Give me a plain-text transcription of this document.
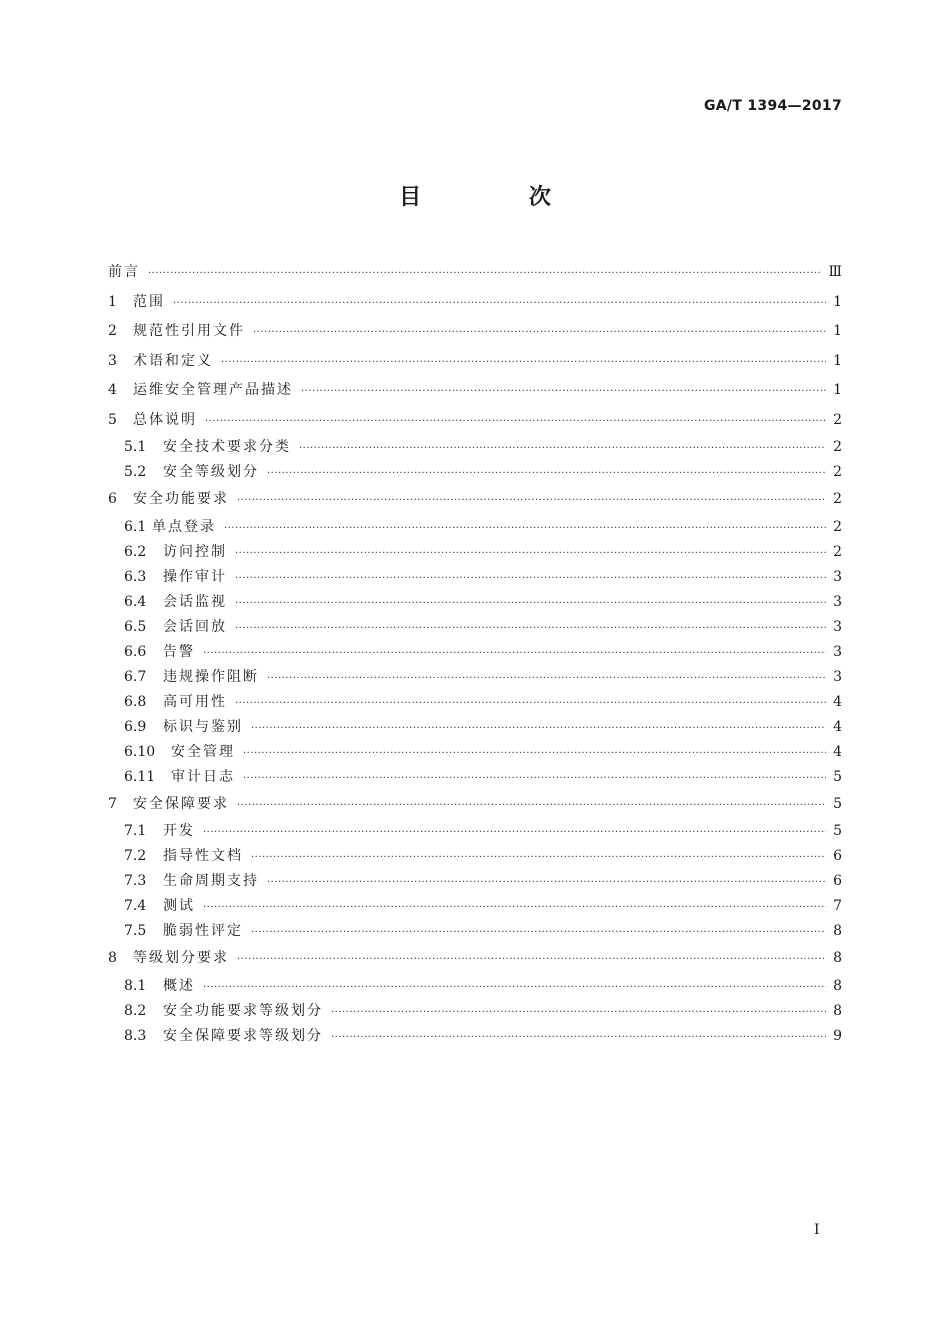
GA/T 1394—2017
目 次
前言 ·····	Ⅲ
1	范围 ·····	1
2	规范性引用文件 ·····	1
3	术语和定义 ·····	1
4	运维安全管理产品描述 ·····	1
5	总体说明 ·····	2
5.1	安全技术要求分类 ·····	2
5.2	安全等级划分 ·····	2
6	安全功能要求 ·····	2
6.1 单点登录 ·····	2
6.2	访问控制 ·····	2
6.3	操作审计 ·····	3
6.4	会话监视 ·····	3
6.5	会话回放 ·····	3
6.6	告警 ·····	3
6.7	违规操作阻断 ·····	3
6.8	高可用性 ·····	4
6.9	标识与鉴别 ·····	4
6.10	安全管理 ·····	4
6.11	审计日志 ·····	5
7	安全保障要求 ·····	5
7.1	开发 ·····	5
7.2	指导性文档 ·····	6
7.3	生命周期支持 ·····	6
7.4	测试 ·····	7
7.5	脆弱性评定 ·····	8
8	等级划分要求 ·····	8
8.1	概述 ·····	8
8.2	安全功能要求等级划分 ·····	8
8.3	安全保障要求等级划分 ·····	9
I
